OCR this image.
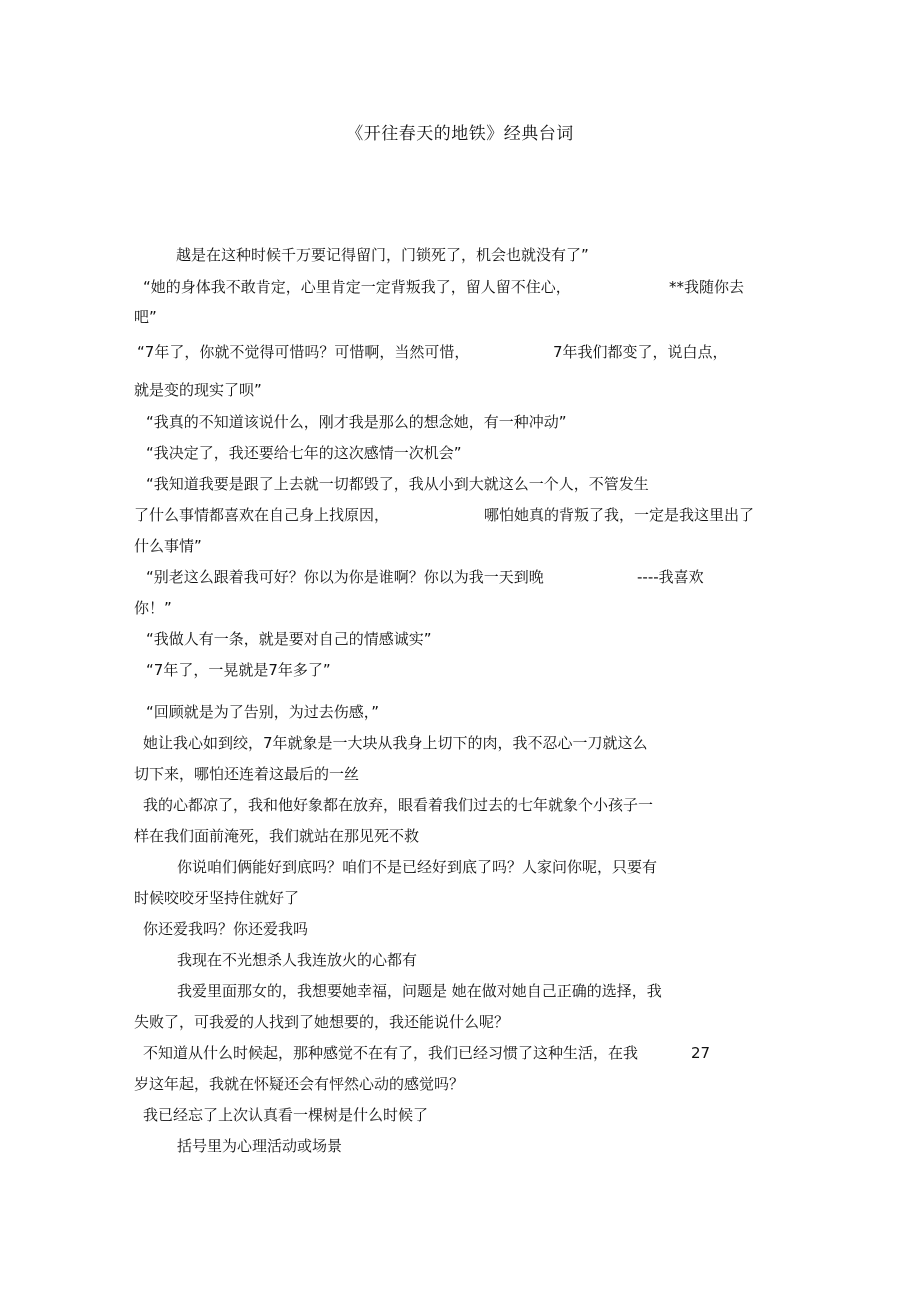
《开往春天的地铁》经典台词
越是在这种时候千万要记得留门，门锁死了，机会也就没有了”
“她的身体我不敢肯定，心里肯定一定背叛我了，留人留不住心，	**我随你去
吧”
“7年了，你就不觉得可惜吗？可惜啊，当然可惜，	7年我们都变了，说白点，
就是变的现实了呗”
“我真的不知道该说什么，刚才我是那么的想念她，有一种冲动”
“我决定了，我还要给七年的这次感情一次机会”
“我知道我要是跟了上去就一切都毁了，我从小到大就这么一个人，不管发生
了什么事情都喜欢在自己身上找原因，	哪怕她真的背叛了我，一定是我这里出了
什么事情”
“别老这么跟着我可好？你以为你是谁啊？你以为我一天到晚	----我喜欢
你！”
“我做人有一条，就是要对自己的情感诚实”
“7年了，一晃就是7年多了”
“回顾就是为了告别，为过去伤感，”
她让我心如到绞，7年就象是一大块从我身上切下的肉，我不忍心一刀就这么
切下来，哪怕还连着这最后的一丝
我的心都凉了，我和他好象都在放弃，眼看着我们过去的七年就象个小孩子一
样在我们面前淹死，我们就站在那见死不救
你说咱们俩能好到底吗？咱们不是已经好到底了吗？人家问你呢，只要有
时候咬咬牙坚持住就好了
你还爱我吗？你还爱我吗
我现在不光想杀人我连放火的心都有
我爱里面那女的，我想要她幸福，问题是 她在做对她自己正确的选择，我
失败了，可我爱的人找到了她想要的，我还能说什么呢？
不知道从什么时候起，那种感觉不在有了，我们已经习惯了这种生活，在我	27
岁这年起，我就在怀疑还会有怦然心动的感觉吗？
我已经忘了上次认真看一棵树是什么时候了
括号里为心理活动或场景
